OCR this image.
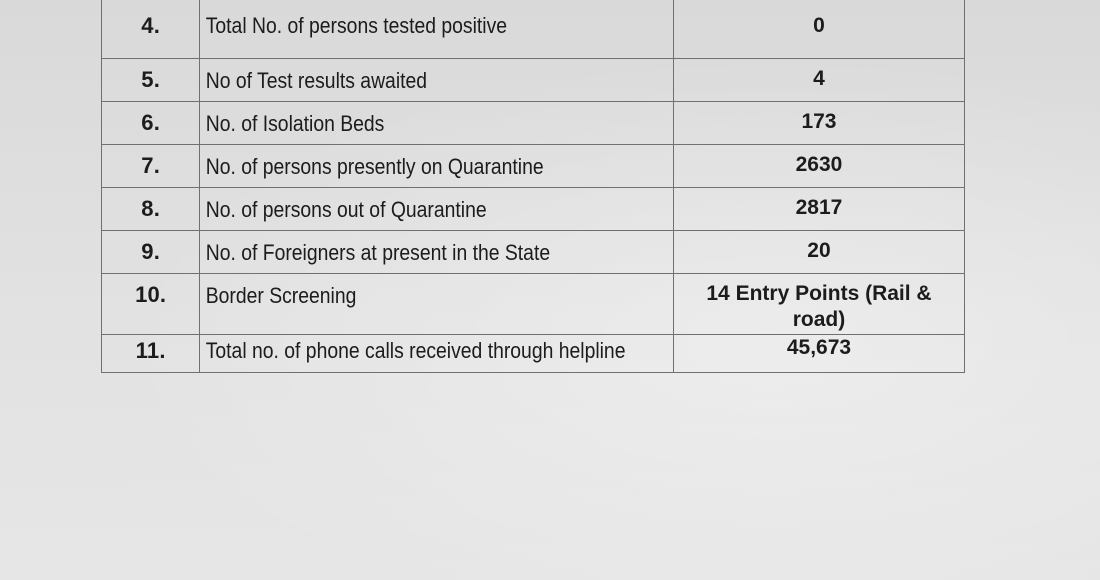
4.	Total No. of persons tested positive	0
5.	No of Test results awaited	4
6.	No. of Isolation Beds	173
7.	No. of persons presently on Quarantine	2630
8.	No. of persons out of Quarantine	2817
9.	No. of Foreigners at present in the State	20
10.	Border Screening	14 Entry Points (Rail &
road)

11.	Total no. of phone calls received through helpline	45,673
